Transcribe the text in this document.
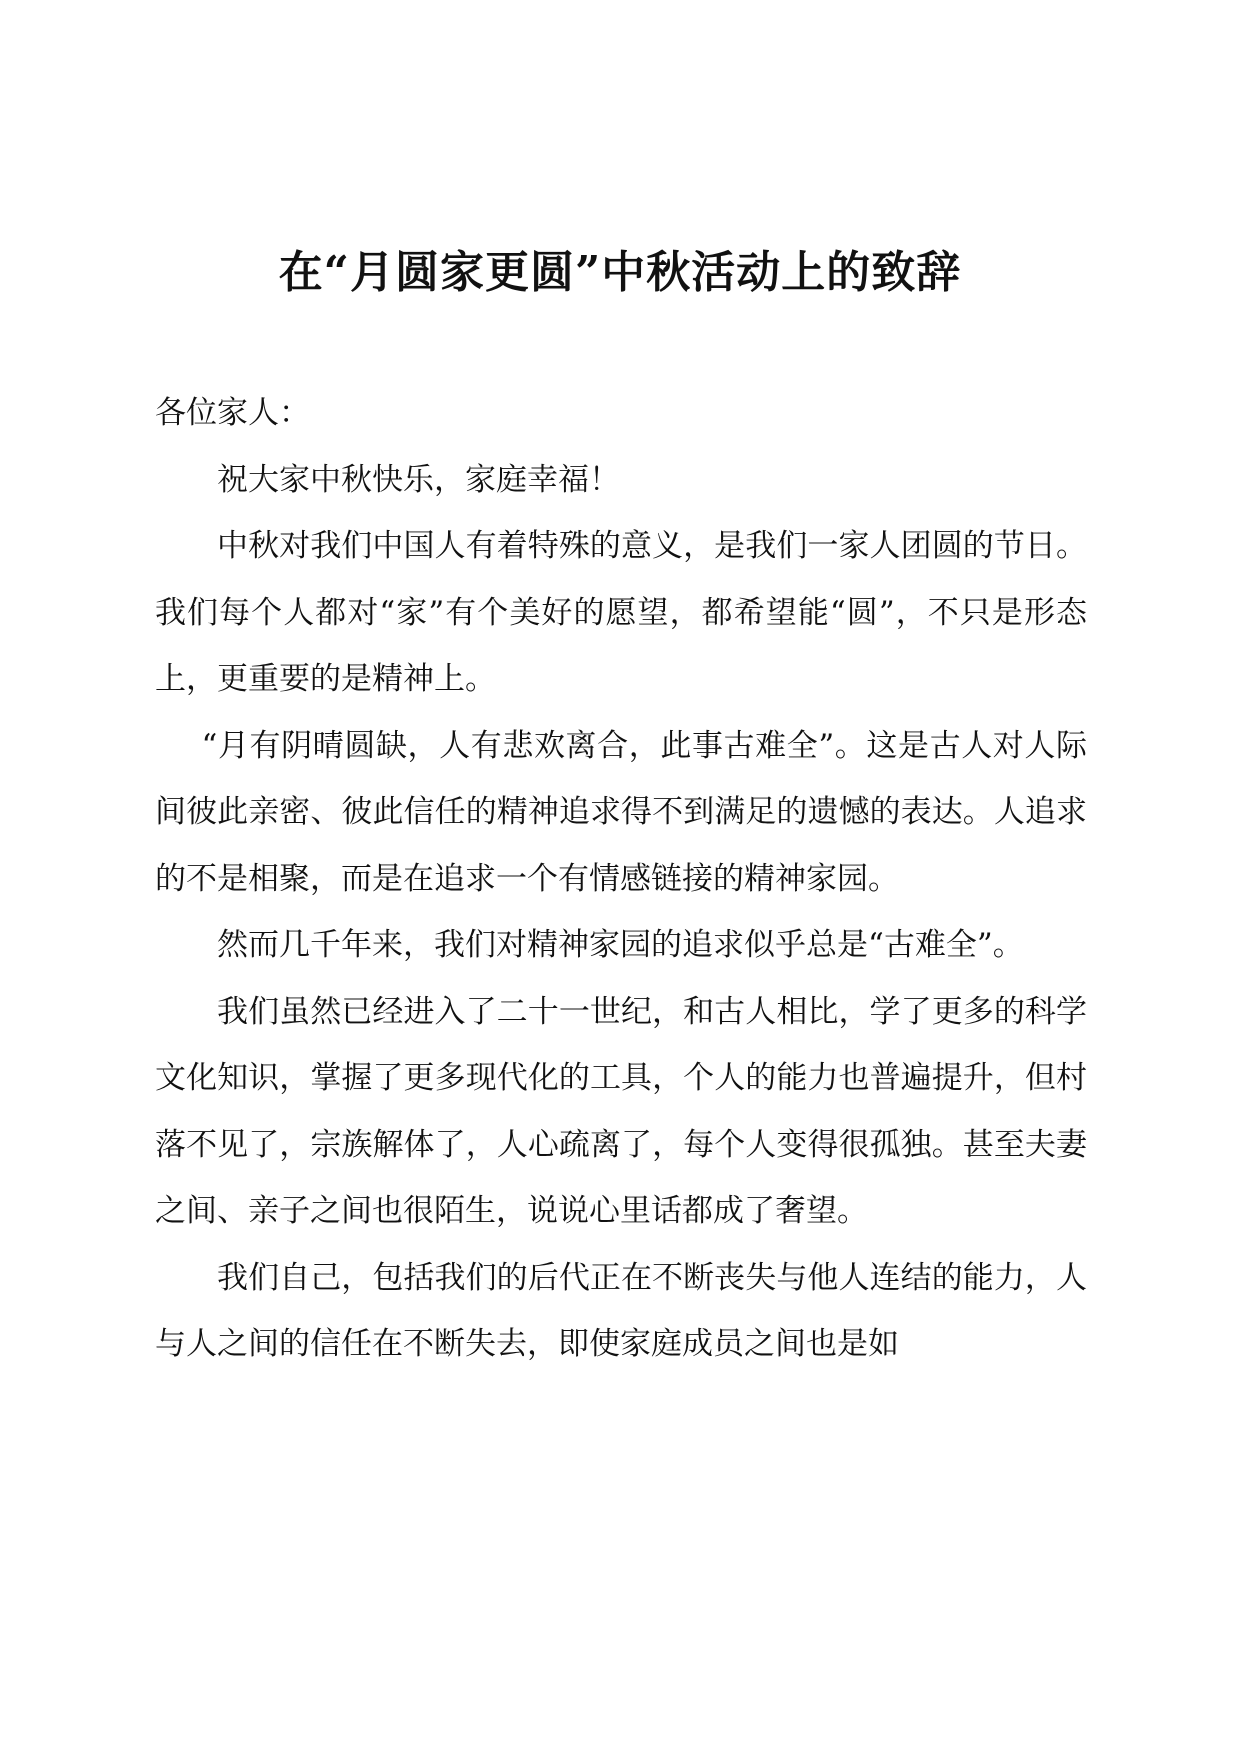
在“月圆家更圆”中秋活动上的致辞

各位家人：

祝大家中秋快乐，家庭幸福！

中秋对我们中国人有着特殊的意义，是我们一家人团圆的节日。我们每个人都对“家”有个美好的愿望，都希望能“圆”，不只是形态上，更重要的是精神上。

“月有阴晴圆缺，人有悲欢离合，此事古难全”。这是古人对人际间彼此亲密、彼此信任的精神追求得不到满足的遗憾的表达。人追求的不是相聚，而是在追求一个有情感链接的精神家园。

然而几千年来，我们对精神家园的追求似乎总是“古难全”。

我们虽然已经进入了二十一世纪，和古人相比，学了更多的科学文化知识，掌握了更多现代化的工具，个人的能力也普遍提升，但村落不见了，宗族解体了，人心疏离了，每个人变得很孤独。甚至夫妻之间、亲子之间也很陌生，说说心里话都成了奢望。

我们自己，包括我们的后代正在不断丧失与他人连结的能力，人与人之间的信任在不断失去，即使家庭成员之间也是如
